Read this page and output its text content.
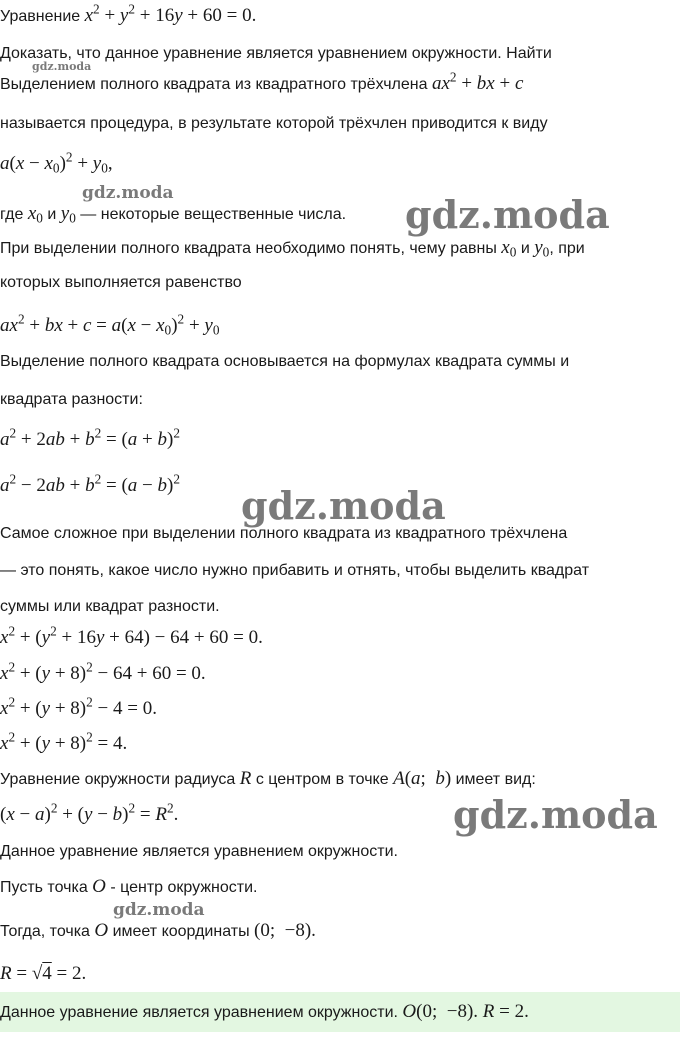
Уравнение $x^2 + y^2 + 16y + 60 = 0$.
Доказать, что данное уравнение является уравнением окружности. Найти
Выделением полного квадрата из квадратного трёхчлена $ax^2$ + bx + c
называется процедура, в результате которой трёхчлен приводится к виду
$a(x - x_0)^2 + y_0$,
где $x_0$ и $y_0$ — некоторые вещественные числа.
При выделении полного квадрата необходимо понять, чему равны $x_0$ и $y_0$, при
которых выполняется равенство
$ax^2$ + bx + $c = a(x - x_0)^2 + y_0$
Выделение полного квадрата основывается на формулах квадрата суммы и
квадрата разности:
$a^2 + 2ab + b^2 = (a + b)^2$
$a^2 - 2ab + b^2 = (a - b)^2$
Самое сложное при выделении полного квадрата из квадратного трёхчлена
— это понять, какое число нужно прибавить и отнять, чтобы выделить квадрат
суммы или квадрат разности.
$x^2 + (y^2 + 16y + 64) - 64 + 60 = 0$.
$x^2 + (y + 8)^2 - 64 + 60 = 0$.
$x^2 + (y + 8)^2 - 4 = 0$.
$x^2 + (y + 8)^2 = 4$.
Уравнение окружности радиуса R с центром в точке A(a;  b) имеет вид:
$(x - a)^2 + (y - b)^2 = R^2$.
Данное уравнение является уравнением окружности.
Пусть точка O - центр окружности.
Тогда, точка O имеет координаты (0;  −8).
R = √4 = 2.
Данное уравнение является уравнением окружности. O(0;  −8). R = 2.
gdz.moda
gdz.moda	gdz.moda
gdz.moda
gdz.moda
gdz.moda
